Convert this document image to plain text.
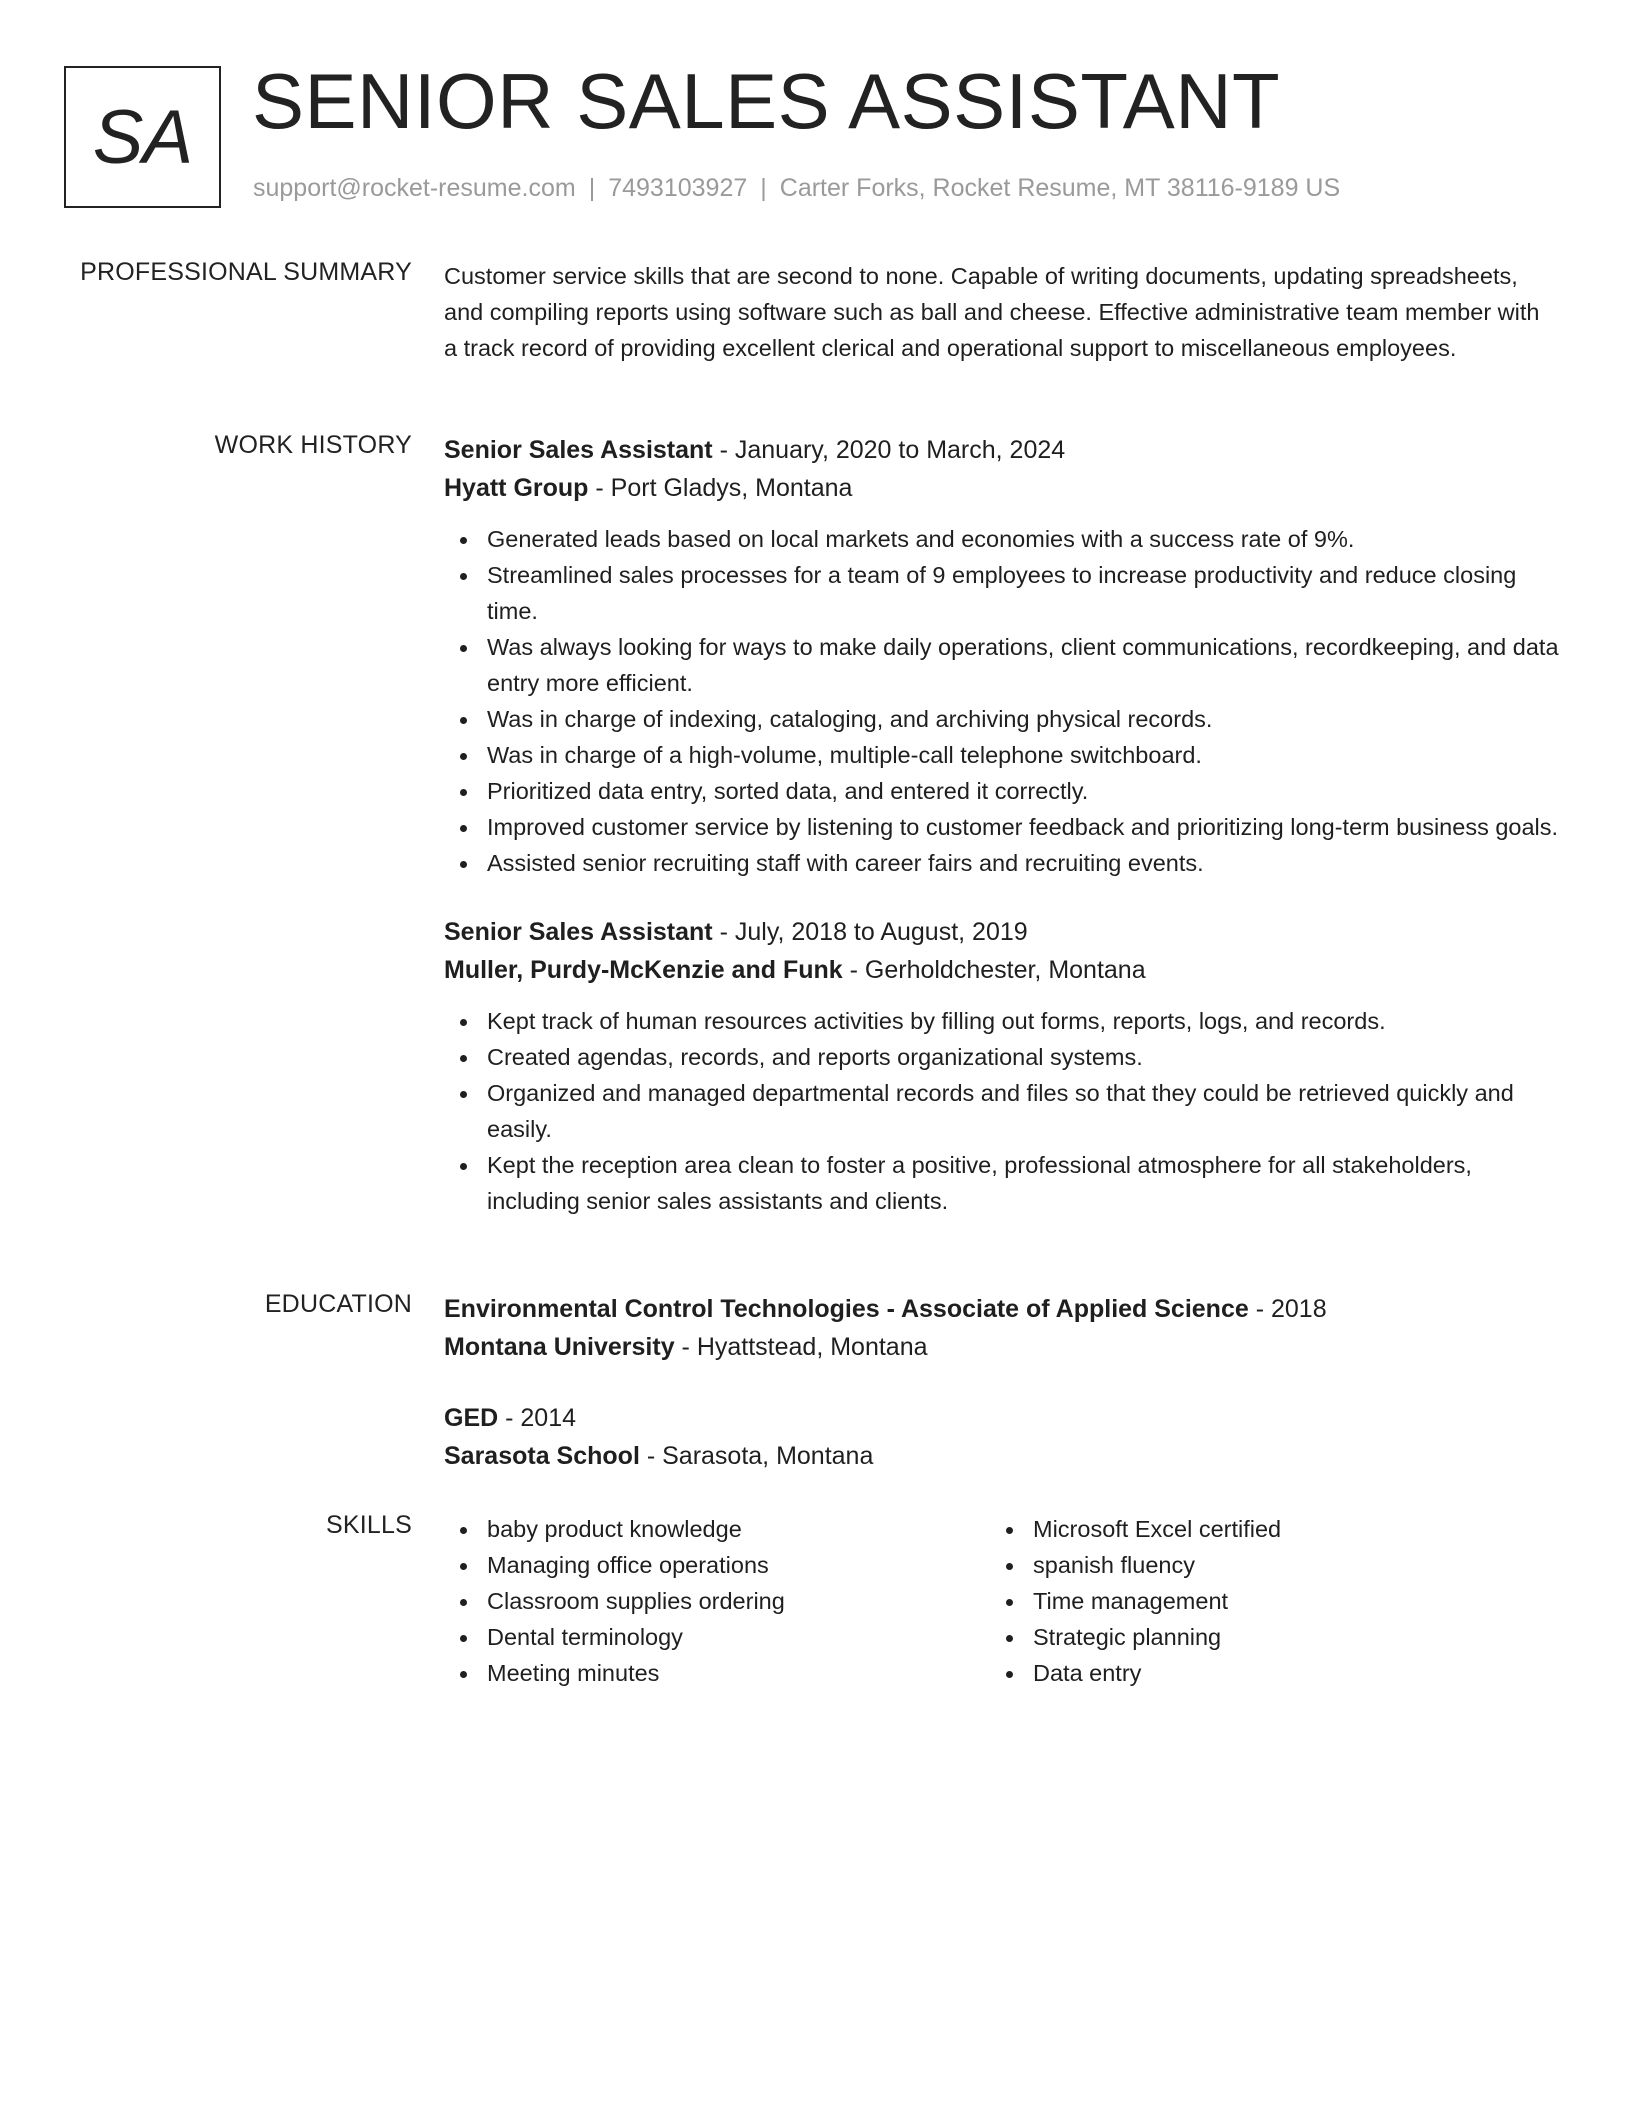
SA SENIOR SALES ASSISTANT
support@rocket-resume.com | 7493103927 | Carter Forks, Rocket Resume, MT 38116-9189 US
PROFESSIONAL SUMMARY Customer service skills that are second to none. Capable of writing documents, updating spreadsheets, and compiling reports using software such as ball and cheese. Effective administrative team member with a track record of providing excellent clerical and operational support to miscellaneous employees.

WORK HISTORY Senior Sales Assistant - January, 2020 to March, 2024
Hyatt Group - Port Gladys, Montana
Generated leads based on local markets and economies with a success rate of 9%.
Streamlined sales processes for a team of 9 employees to increase productivity and reduce closing time.
Was always looking for ways to make daily operations, client communications, recordkeeping, and data entry more efficient.
Was in charge of indexing, cataloging, and archiving physical records.
Was in charge of a high-volume, multiple-call telephone switchboard.
Prioritized data entry, sorted data, and entered it correctly.
Improved customer service by listening to customer feedback and prioritizing long-term business goals.
Assisted senior recruiting staff with career fairs and recruiting events.
Senior Sales Assistant - July, 2018 to August, 2019
Muller, Purdy-McKenzie and Funk - Gerholdchester, Montana
Kept track of human resources activities by filling out forms, reports, logs, and records.
Created agendas, records, and reports organizational systems.
Organized and managed departmental records and files so that they could be retrieved quickly and easily.
Kept the reception area clean to foster a positive, professional atmosphere for all stakeholders, including senior sales assistants and clients.
EDUCATION Environmental Control Technologies - Associate of Applied Science - 2018
Montana University - Hyattstead, Montana
GED - 2014
Sarasota School - Sarasota, Montana
SKILLS	baby product knowledge
Managing office operations
Classroom supplies ordering
Dental terminology
Meeting minutes
Microsoft Excel certified
spanish fluency
Time management
Strategic planning
Data entry
